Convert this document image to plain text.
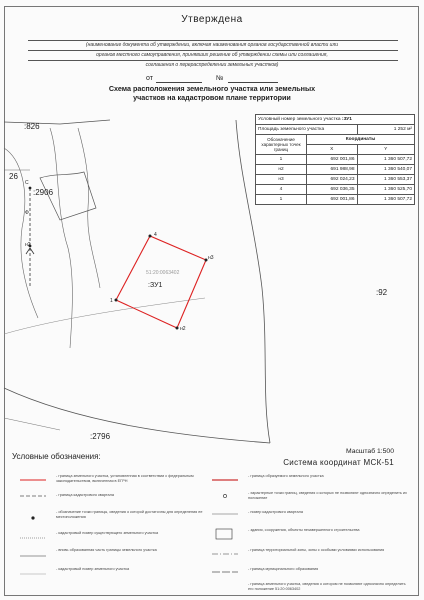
Утверждена
(наименование документа об утверждении, включая наименования органов государственной власти или
органов местного самоуправления, принявших решение об утверждении схемы или соглашения,
соглашения о перераспределении земельных участков)
от	№
Схема расположения земельного участка или земельных
участков на кадастровом плане территории
:826
26
:2906
:92
:2796
:ЗУ1
51:20:0063402
1
н2
н3
4
С
Ф
н2
Условный номер земельного участка :ЗУ1		
Площадь земельного участка		1 252 м²
Обозначение характерных точек границ	Координаты	
	X	Y
1	692 001,86	1 360 507,72
н2	691 988,98	1 360 540,07
н3	692 024,23	1 360 553,37
4	692 036,35	1 360 525,70
1	692 001,86	1 360 507,72
Масштаб 1:500
Система координат МСК-51
Условные обозначения:
- граница земельного участка, установленная в соответствии с федеральным законодательством, включенная в ЕГРН
- граница кадастрового квартала
- обозначение точки границы, сведения о которой достаточны для определения ее местоположения
- кадастровый номер существующего земельного участка
- вновь образованная часть границы земельного участка
- кадастровый номер земельного участка
- граница образуемого земельного участка
- характерные точки границ, сведения о которых не позволяют однозначно определить их положение
- номер кадастрового квартала
- здания, сооружения, объекты незавершенного строительства
- граница территориальной зоны, зоны с особыми условиями использования
- граница муниципального образования
- граница земельного участка, сведения о котором не позволяют однозначно определить его положение 51:20:0063402
